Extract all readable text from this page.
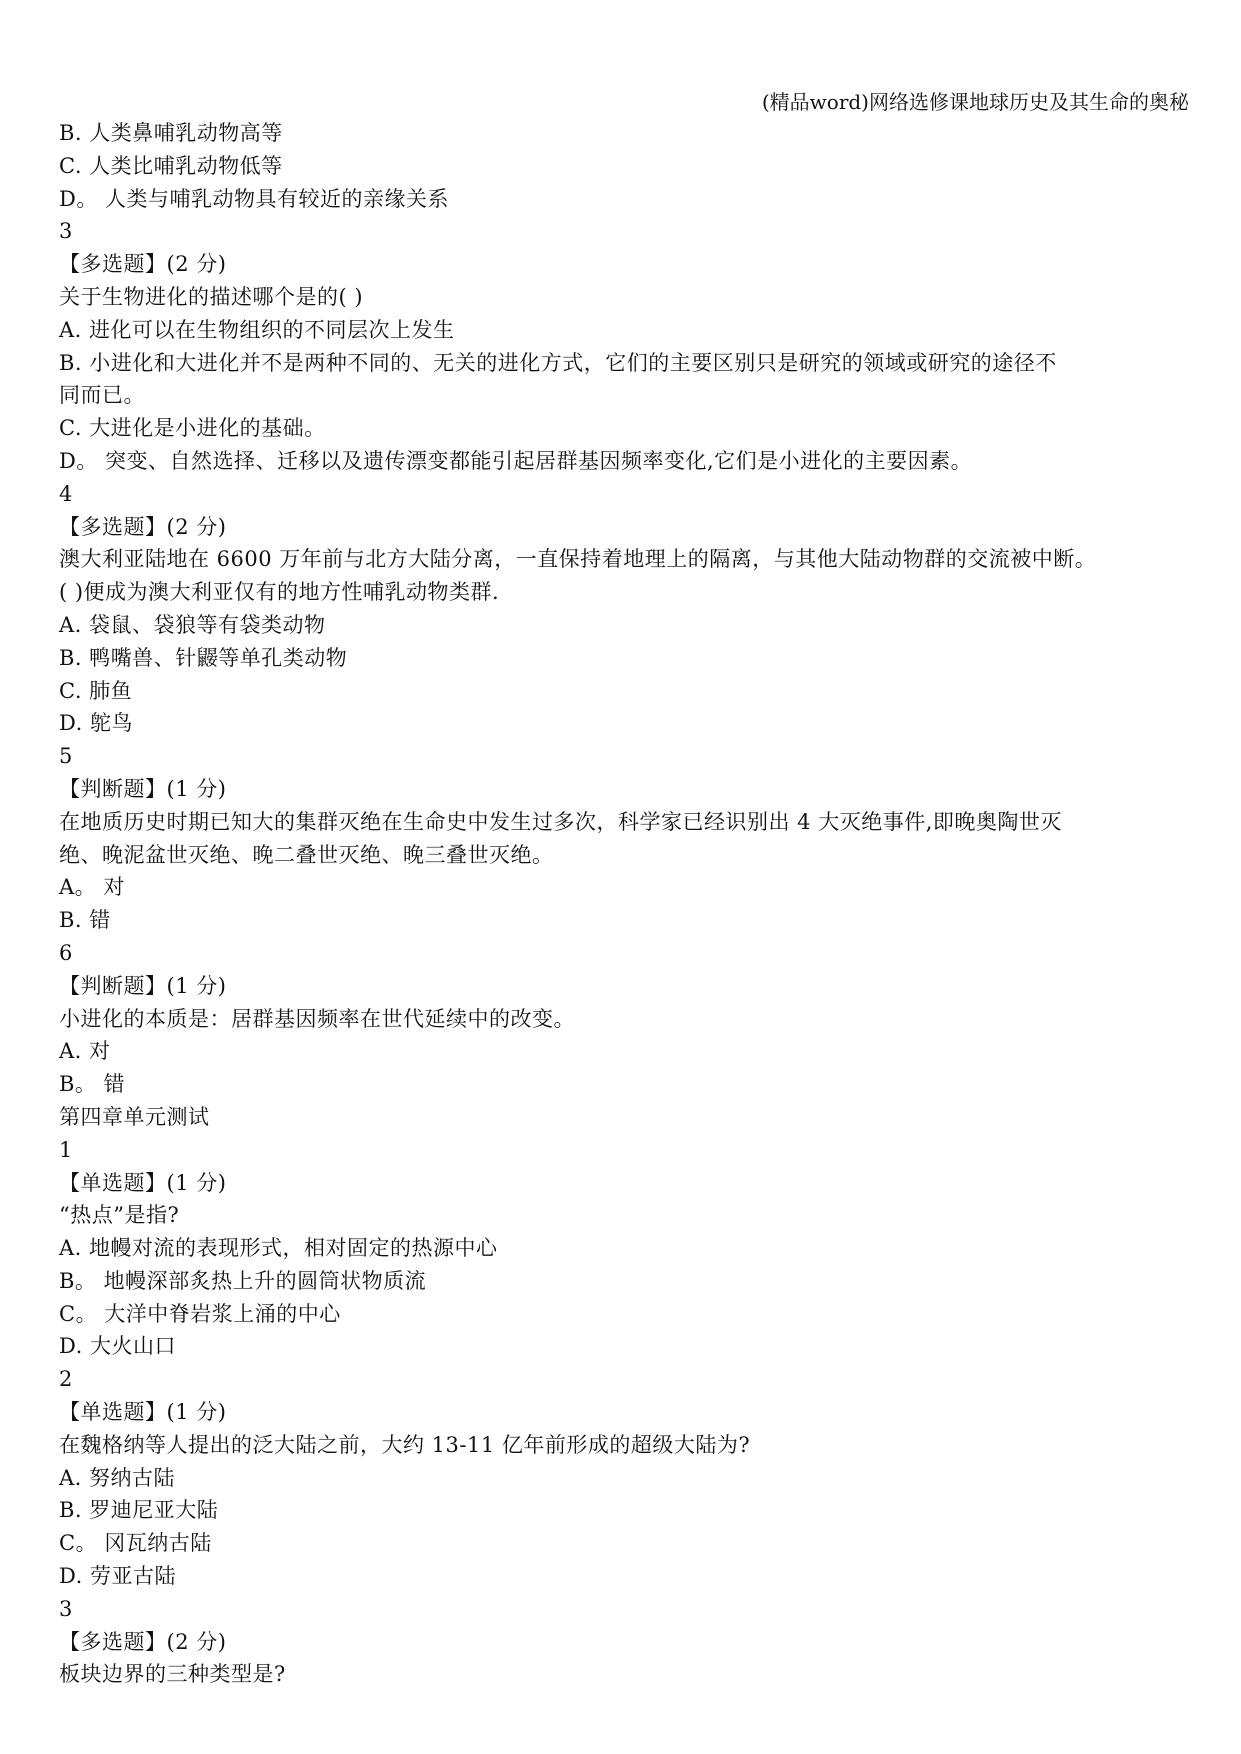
(精品word)网络选修课地球历史及其生命的奥秘
B. 人类鼻哺乳动物高等
C. 人类比哺乳动物低等
D。 人类与哺乳动物具有较近的亲缘关系
3
【多选题】(2 分)
关于生物进化的描述哪个是的( )
A. 进化可以在生物组织的不同层次上发生
B. 小进化和大进化并不是两种不同的、无关的进化方式，它们的主要区别只是研究的领域或研究的途径不
同而已。
C. 大进化是小进化的基础。
D。 突变、自然选择、迁移以及遗传漂变都能引起居群基因频率变化,它们是小进化的主要因素。
4
【多选题】(2 分)
澳大利亚陆地在 6600 万年前与北方大陆分离，一直保持着地理上的隔离，与其他大陆动物群的交流被中断。
( )便成为澳大利亚仅有的地方性哺乳动物类群.
A. 袋鼠、袋狼等有袋类动物
B. 鸭嘴兽、针鼹等单孔类动物
C. 肺鱼
D. 鸵鸟
5
【判断题】(1 分)
在地质历史时期已知大的集群灭绝在生命史中发生过多次，科学家已经识别出 4 大灭绝事件,即晚奥陶世灭
绝、晚泥盆世灭绝、晚二叠世灭绝、晚三叠世灭绝。
A。 对
B. 错
6
【判断题】(1 分)
小进化的本质是：居群基因频率在世代延续中的改变。
A. 对
B。 错
第四章单元测试
1
【单选题】(1 分)
“热点”是指?
A. 地幔对流的表现形式，相对固定的热源中心
B。 地幔深部炙热上升的圆筒状物质流
C。 大洋中脊岩浆上涌的中心
D. 大火山口
2
【单选题】(1 分)
在魏格纳等人提出的泛大陆之前，大约 13-11 亿年前形成的超级大陆为?
A. 努纳古陆
B. 罗迪尼亚大陆
C。 冈瓦纳古陆
D. 劳亚古陆
3
【多选题】(2 分)
板块边界的三种类型是?
